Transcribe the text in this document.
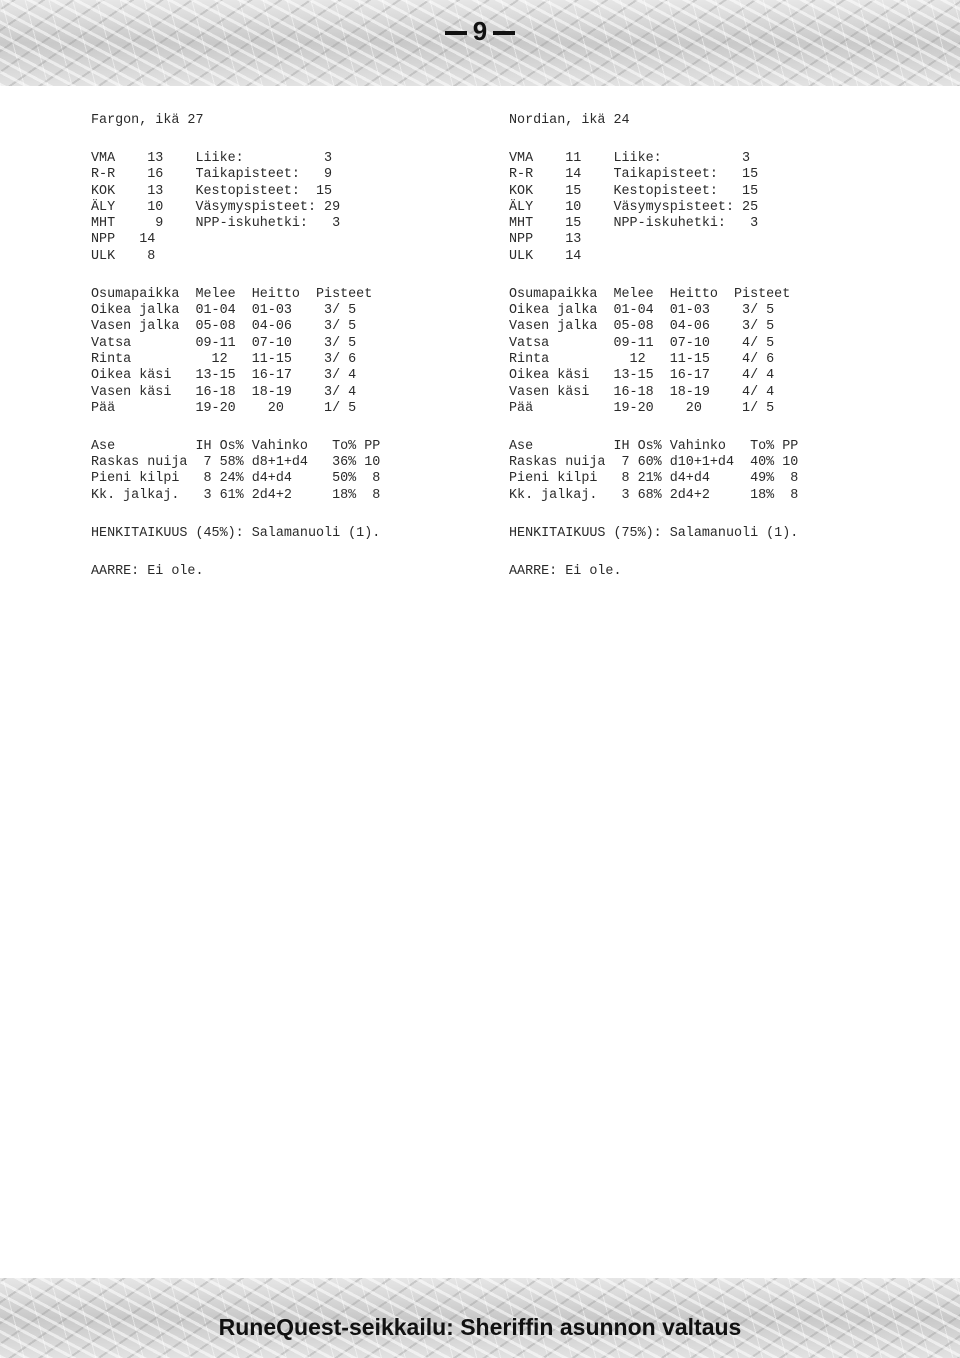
9
Fargon, ikä 27
VMA    13    Liike:          3
R-R    16    Taikapisteet:   9
KOK    13    Kestopisteet:  15
ÄLY    10    Väsymyspisteet: 29
MHT     9    NPP-iskuhetki:   3
NPP   14
ULK    8
Osumapaikka  Melee  Heitto  Pisteet
Oikea jalka  01-04  01-03    3/ 5
Vasen jalka  05-08  04-06    3/ 5
Vatsa        09-11  07-10    3/ 5
Rinta          12   11-15    3/ 6
Oikea käsi   13-15  16-17    3/ 4
Vasen käsi   16-18  18-19    3/ 4
Pää          19-20    20     1/ 5
Ase          IH Os% Vahinko   To% PP
Raskas nuija  7 58% d8+1+d4   36% 10
Pieni kilpi   8 24% d4+d4     50%  8
Kk. jalkaj.   3 61% 2d4+2     18%  8
HENKITAIKUUS (45%): Salamanuoli (1).
AARRE: Ei ole.
Nordian, ikä 24
VMA    11    Liike:          3
R-R    14    Taikapisteet:   15
KOK    15    Kestopisteet:   15
ÄLY    10    Väsymyspisteet: 25
MHT    15    NPP-iskuhetki:   3
NPP    13
ULK    14
Osumapaikka  Melee  Heitto  Pisteet
Oikea jalka  01-04  01-03    3/ 5
Vasen jalka  05-08  04-06    3/ 5
Vatsa        09-11  07-10    4/ 5
Rinta          12   11-15    4/ 6
Oikea käsi   13-15  16-17    4/ 4
Vasen käsi   16-18  18-19    4/ 4
Pää          19-20    20     1/ 5
Ase          IH Os% Vahinko   To% PP
Raskas nuija  7 60% d10+1+d4  40% 10
Pieni kilpi   8 21% d4+d4     49%  8
Kk. jalkaj.   3 68% 2d4+2     18%  8
HENKITAIKUUS (75%): Salamanuoli (1).
AARRE: Ei ole.
RuneQuest-seikkailu: Sheriffin asunnon valtaus
